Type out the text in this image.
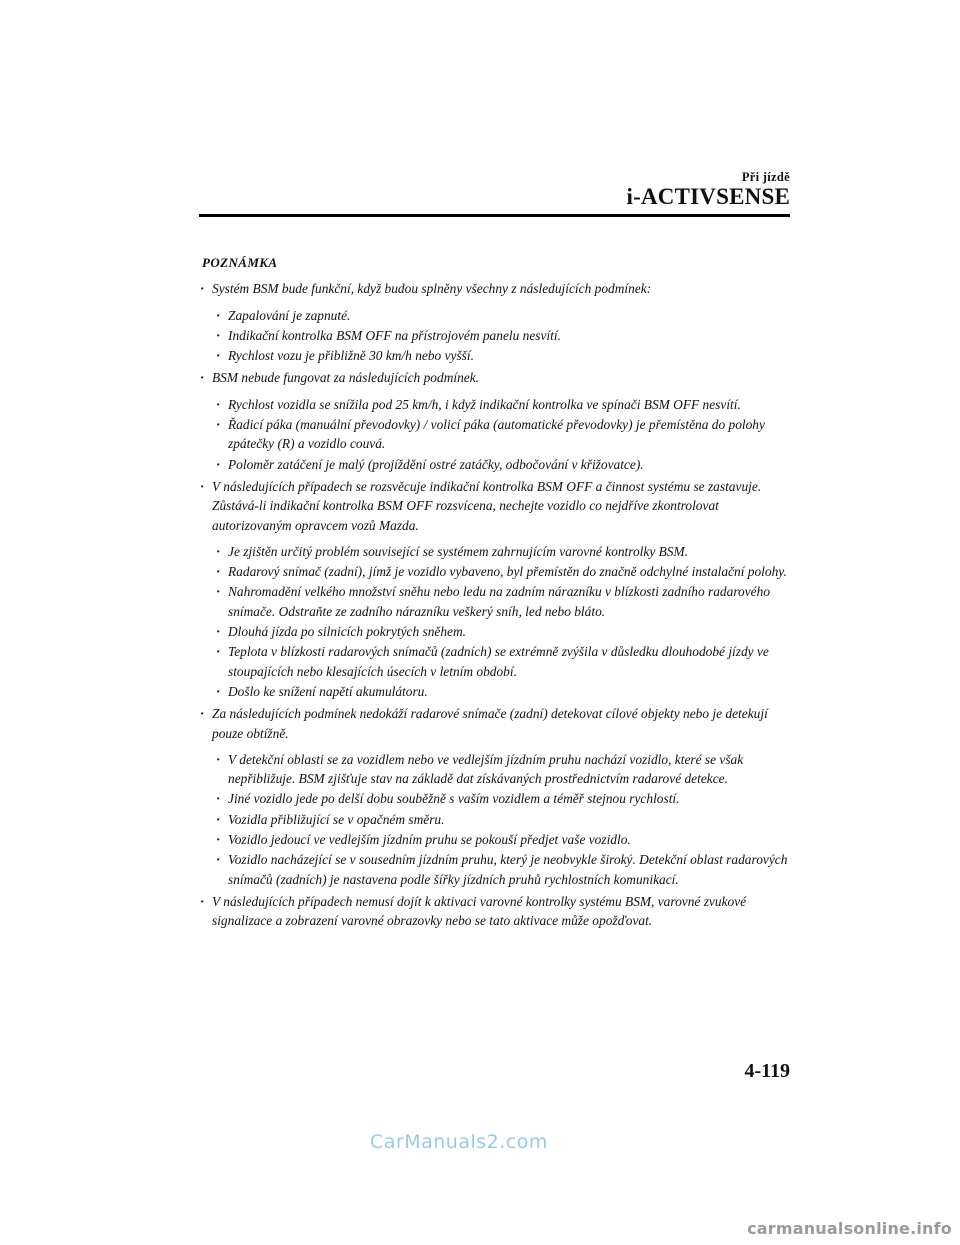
Při jízdě
i-ACTIVSENSE
POZNÁMKA
· Systém BSM bude funkční, když budou splněny všechny z následujících podmínek:
· Zapalování je zapnuté.
· Indikační kontrolka BSM OFF na přístrojovém panelu nesvítí.
· Rychlost vozu je přibližně 30 km/h nebo vyšší.
· BSM nebude fungovat za následujících podmínek.
· Rychlost vozidla se snížila pod 25 km/h, i když indikační kontrolka ve spínači BSM OFF nesvítí.
· Řadicí páka (manuální převodovky) / volicí páka (automatické převodovky) je přemístěna do polohy zpátečky (R) a vozidlo couvá.
· Poloměr zatáčení je malý (projíždění ostré zatáčky, odbočování v křižovatce).
· V následujících případech se rozsvěcuje indikační kontrolka BSM OFF a činnost systému se zastavuje. Zůstává-li indikační kontrolka BSM OFF rozsvícena, nechejte vozidlo co nejdříve zkontrolovat autorizovaným opravcem vozů Mazda.
· Je zjištěn určitý problém související se systémem zahrnujícím varovné kontrolky BSM.
· Radarový snímač (zadní), jímž je vozidlo vybaveno, byl přemístěn do značně odchylné instalační polohy.
· Nahromadění velkého množství sněhu nebo ledu na zadním nárazníku v blízkosti zadního radarového snímače. Odstraňte ze zadního nárazníku veškerý sníh, led nebo bláto.
· Dlouhá jízda po silnicích pokrytých sněhem.
· Teplota v blízkosti radarových snímačů (zadních) se extrémně zvýšila v důsledku dlouhodobé jízdy ve stoupajících nebo klesajících úsecích v letním období.
· Došlo ke snížení napětí akumulátoru.
· Za následujících podmínek nedokáží radarové snímače (zadní) detekovat cílové objekty nebo je detekují pouze obtížně.
· V detekční oblasti se za vozidlem nebo ve vedlejším jízdním pruhu nachází vozidlo, které se však nepřibližuje. BSM zjišťuje stav na základě dat získávaných prostřednictvím radarové detekce.
· Jiné vozidlo jede po delší dobu souběžně s vaším vozidlem a téměř stejnou rychlostí.
· Vozidla přibližující se v opačném směru.
· Vozidlo jedoucí ve vedlejším jízdním pruhu se pokouší předjet vaše vozidlo.
· Vozidlo nacházející se v sousedním jízdním pruhu, který je neobvykle široký. Detekční oblast radarových snímačů (zadních) je nastavena podle šířky jízdních pruhů rychlostních komunikací.
· V následujících případech nemusí dojít k aktivaci varovné kontrolky systému BSM, varovné zvukové signalizace a zobrazení varovné obrazovky nebo se tato aktivace může opožďovat.
4-119
CarManuals2.com
carmanualsonline.info
